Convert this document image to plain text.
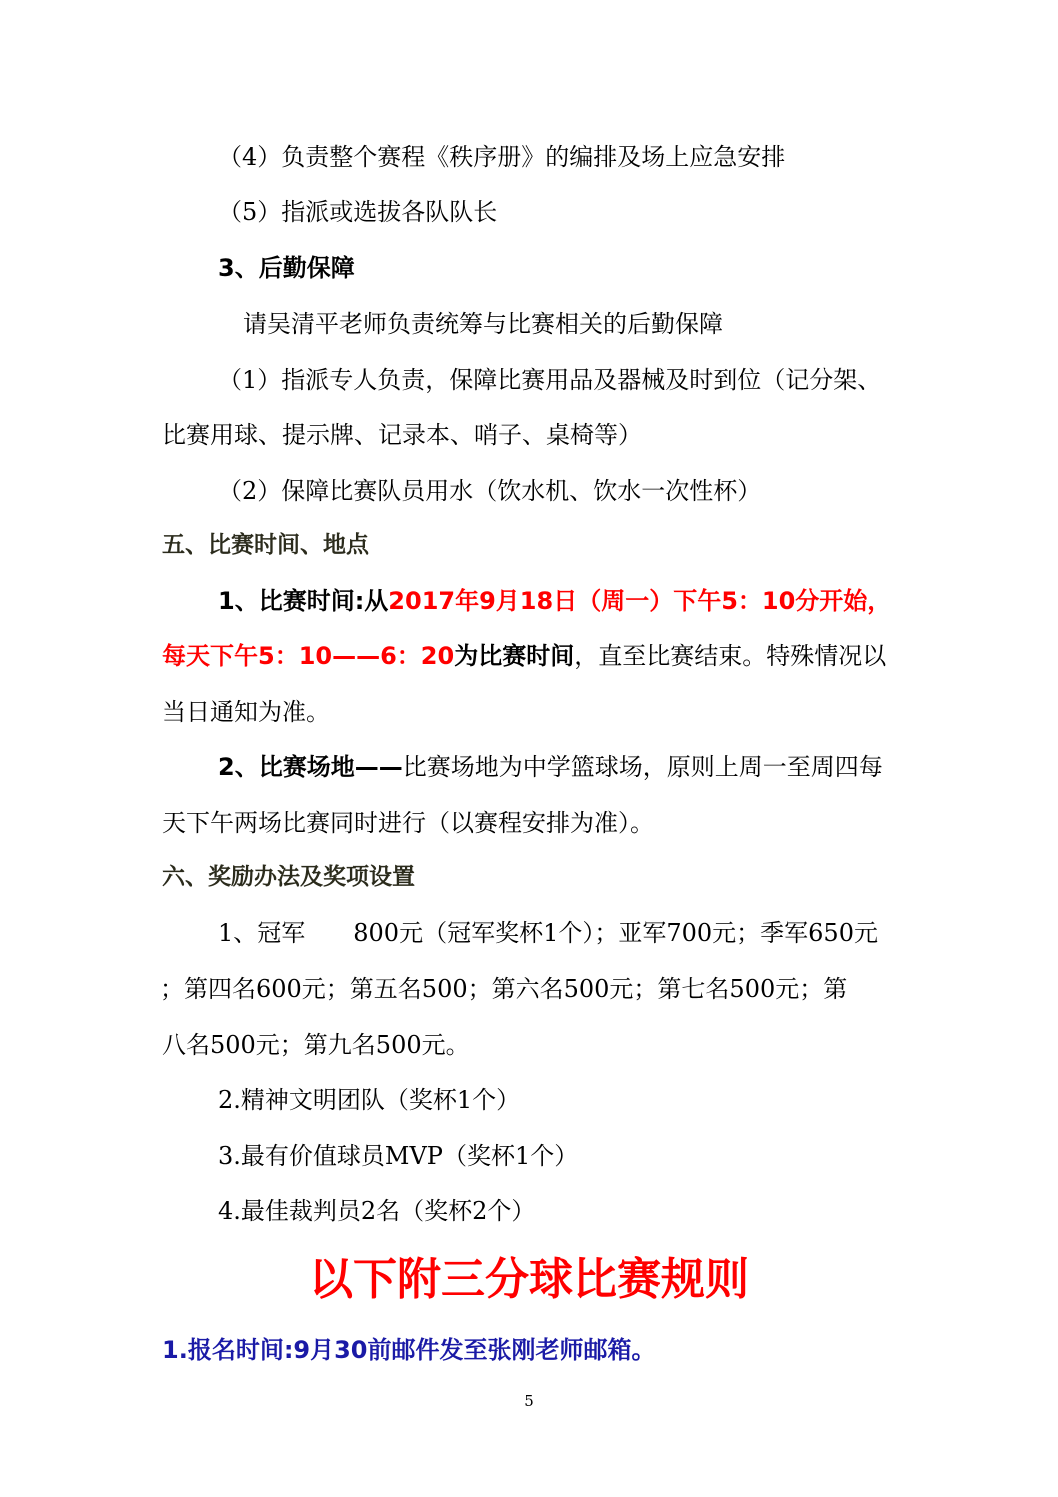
（4）负责整个赛程《秩序册》的编排及场上应急安排
（5）指派或选拔各队队长
3、后勤保障
请吴清平老师负责统筹与比赛相关的后勤保障
（1）指派专人负责，保障比赛用品及器械及时到位（记分架、
比赛用球、提示牌、记录本、哨子、桌椅等）
（2）保障比赛队员用水（饮水机、饮水一次性杯）
五、比赛时间、地点
1、比赛时间:从2017年9月18日（周一）下午5：10分开始，
每天下午5：10——6：20为比赛时间，直至比赛结束。特殊情况以
当日通知为准。
2、比赛场地——比赛场地为中学篮球场，原则上周一至周四每
天下午两场比赛同时进行（以赛程安排为准）。
六、奖励办法及奖项设置
1、冠军　　800元（冠军奖杯1个）；亚军700元；季军650元
；第四名600元；第五名500；第六名500元；第七名500元；第
八名500元；第九名500元。
2.精神文明团队（奖杯1个）
3.最有价值球员MVP（奖杯1个）
4.最佳裁判员2名（奖杯2个）
以下附三分球比赛规则
1.报名时间:9月30前邮件发至张刚老师邮箱。
5
